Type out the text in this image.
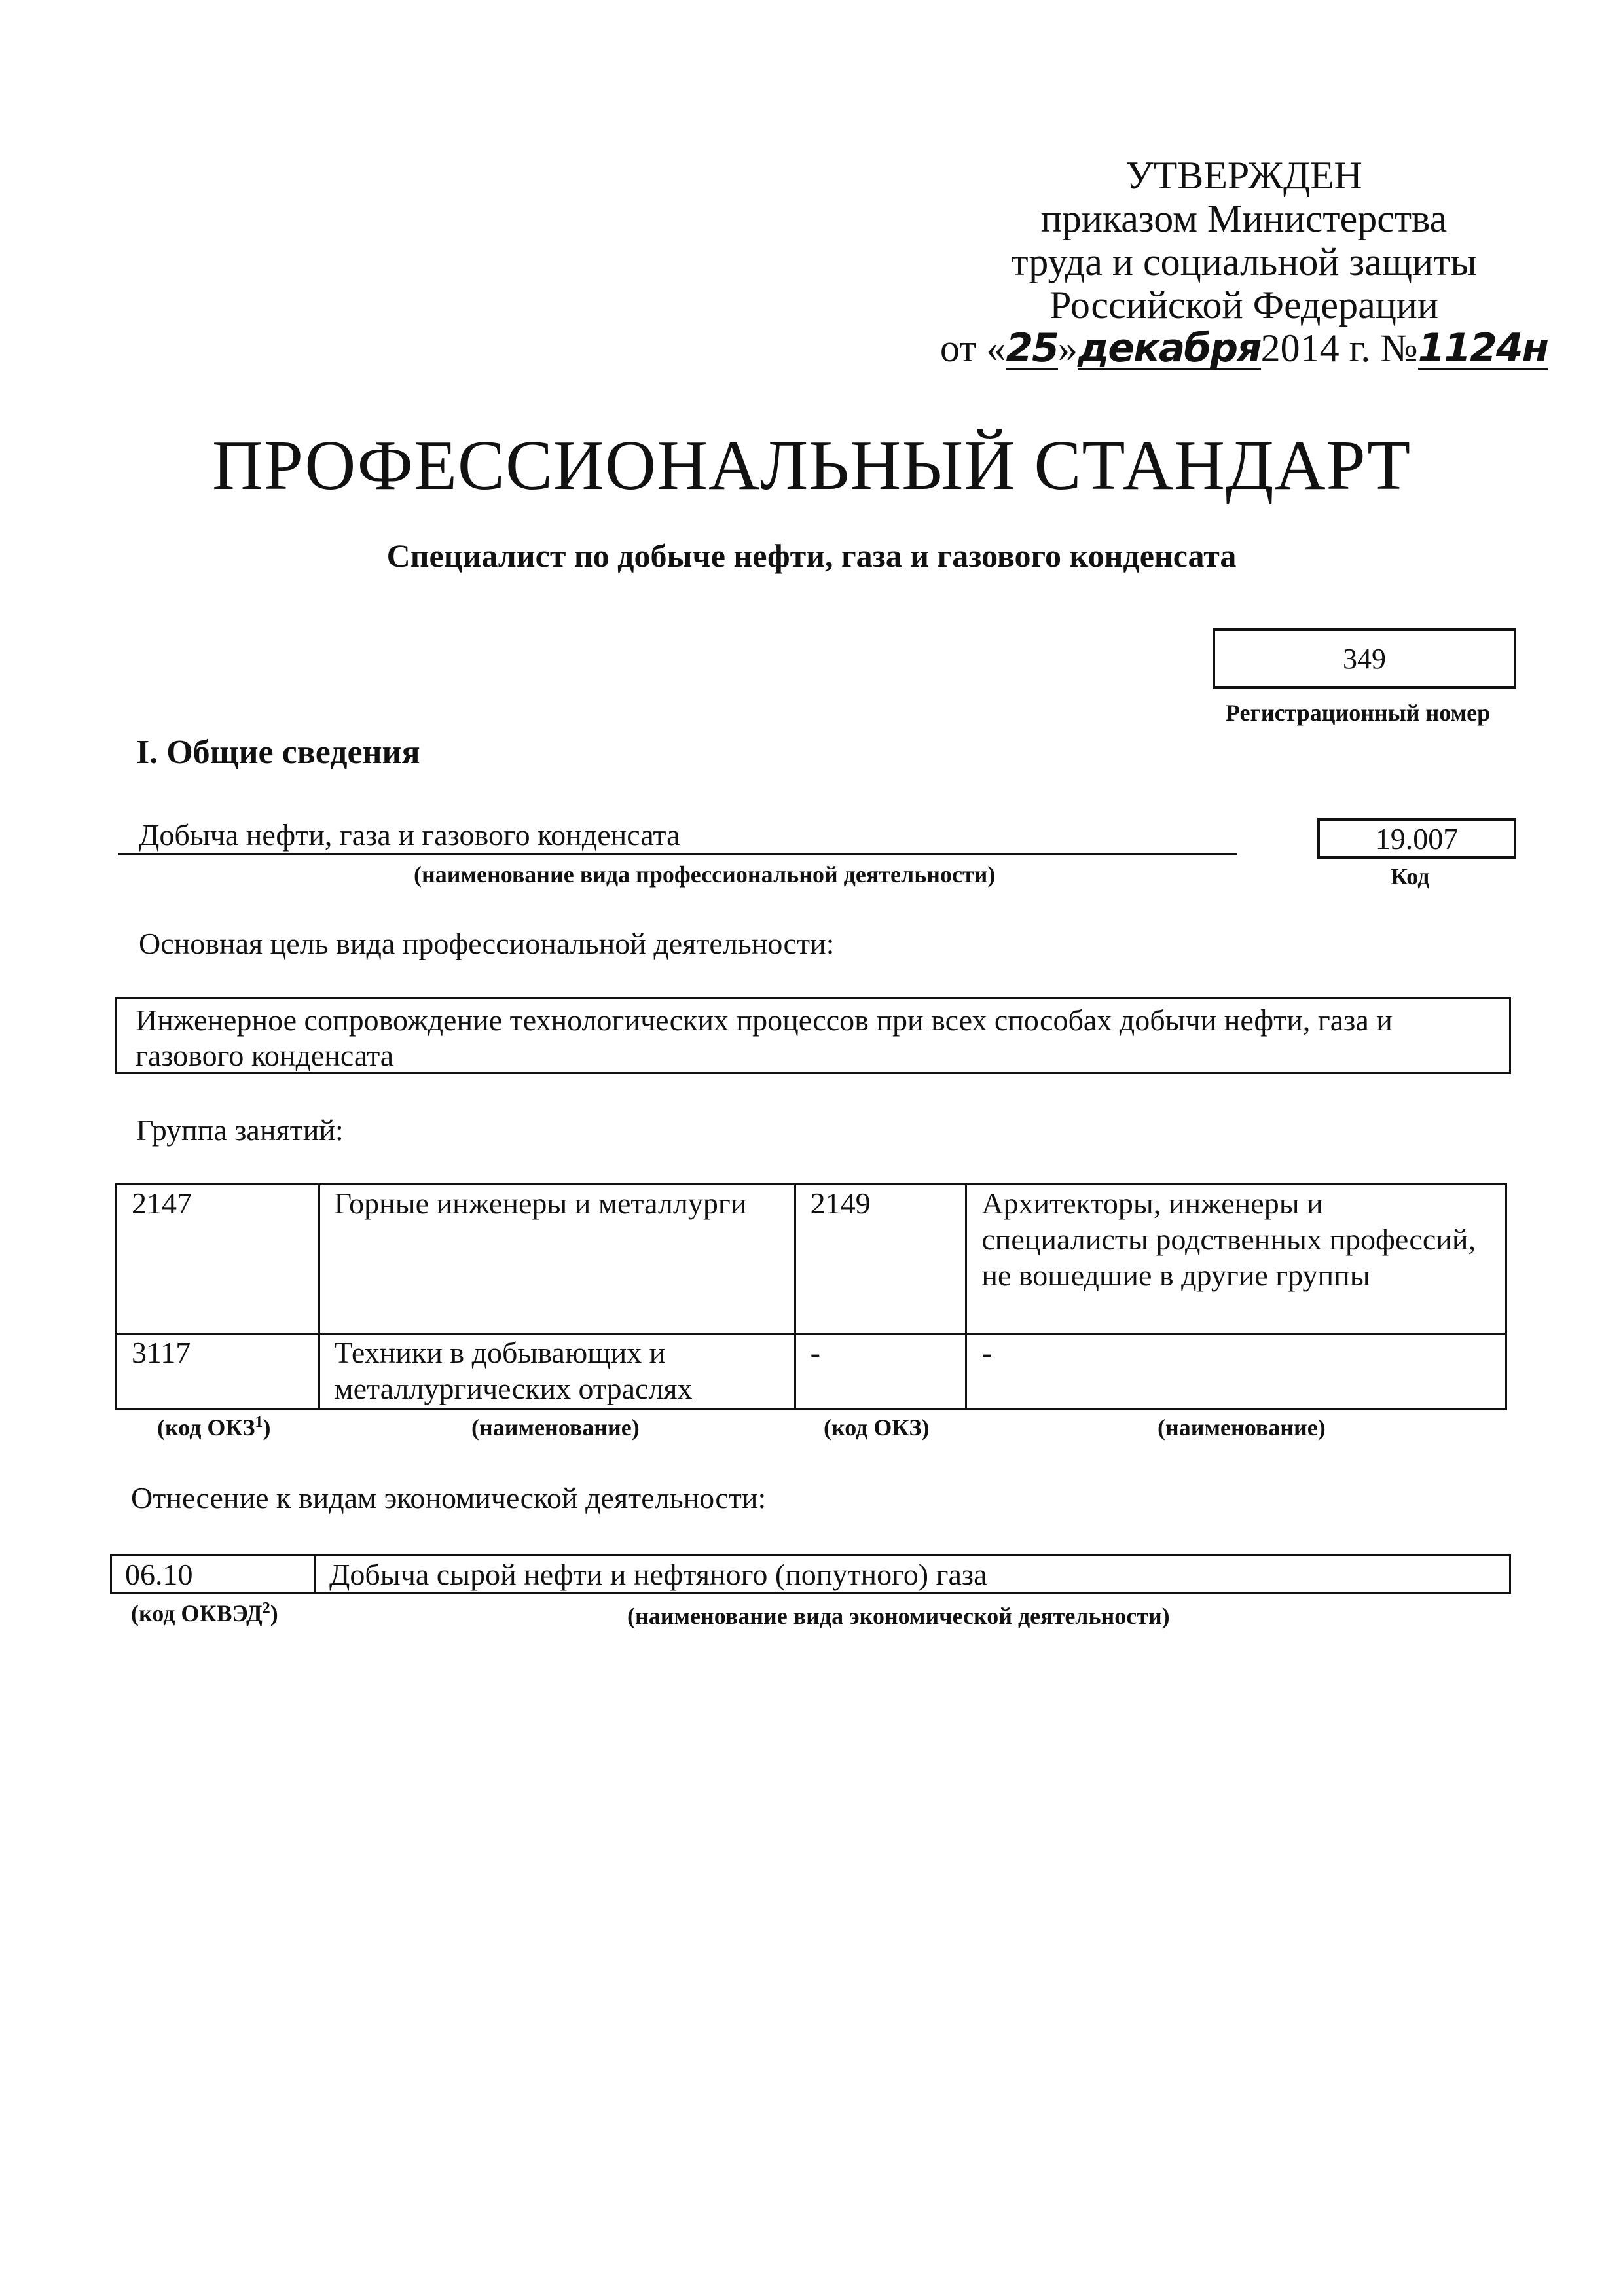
УТВЕРЖДЕН
приказом Министерства
труда и социальной защиты
Российской Федерации
от «25»декабря2014 г. №1124н
ПРОФЕССИОНАЛЬНЫЙ СТАНДАРТ
Специалист по добыче нефти, газа и газового конденсата
349
Регистрационный номер
I. Общие сведения
Добыча нефти, газа и газового конденсата
(наименование вида профессиональной деятельности)
19.007
Код
Основная цель вида профессиональной деятельности:
Инженерное сопровождение технологических процессов при всех способах добычи нефти, газа и газового конденсата
Группа занятий:
2147	Горные инженеры и металлурги	2149	Архитекторы, инженеры и специалисты родственных профессий, не вошедшие в другие группы
3117	Техники в добывающих и металлургических отраслях	-	-
(код ОКЗ$^1$)	(наименование)	(код ОКЗ)	(наименование)
Отнесение к видам экономической деятельности:
06.10	Добыча сырой нефти и нефтяного (попутного) газа
(код ОКВЭД$^2$)	(наименование вида экономической деятельности)
